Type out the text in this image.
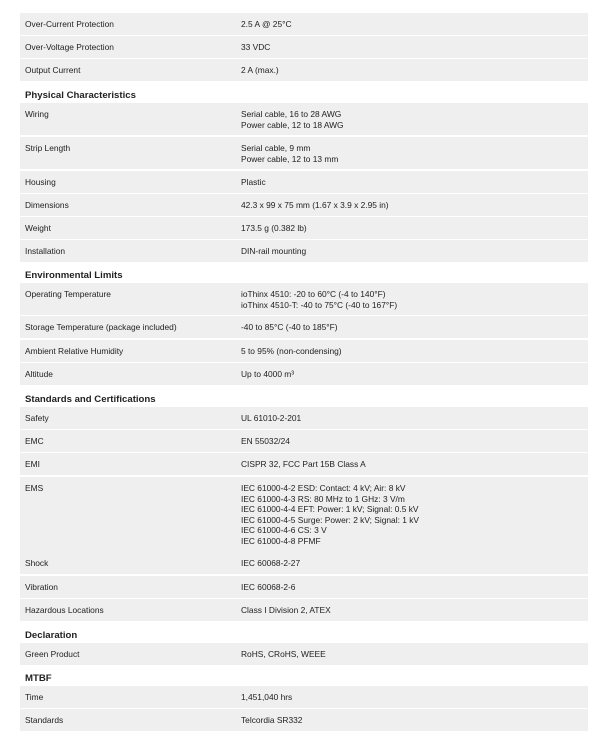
Over-Current Protection	2.5 A @ 25°C
Over-Voltage Protection	33 VDC
Output Current	2 A (max.)
Physical Characteristics
Wiring	Serial cable, 16 to 28 AWG
Power cable, 12 to 18 AWG
Strip Length	Serial cable, 9 mm
Power cable, 12 to 13 mm
Housing	Plastic
Dimensions	42.3 x 99 x 75 mm (1.67 x 3.9 x 2.95 in)
Weight	173.5 g (0.382 lb)
Installation	DIN-rail mounting
Environmental Limits
Operating Temperature	ioThinx 4510: -20 to 60°C (-4 to 140°F)
ioThinx 4510-T: -40 to 75°C (-40 to 167°F)
Storage Temperature (package included)	-40 to 85°C (-40 to 185°F)
Ambient Relative Humidity	5 to 95% (non-condensing)
Altitude	Up to 4000 m³
Standards and Certifications
Safety	UL 61010-2-201
EMC	EN 55032/24
EMI	CISPR 32, FCC Part 15B Class A
EMS	IEC 61000-4-2 ESD: Contact: 4 kV; Air: 8 kV
IEC 61000-4-3 RS: 80 MHz to 1 GHz: 3 V/m
IEC 61000-4-4 EFT: Power: 1 kV; Signal: 0.5 kV
IEC 61000-4-5 Surge: Power: 2 kV; Signal: 1 kV
IEC 61000-4-6 CS: 3 V
IEC 61000-4-8 PFMF
Shock	IEC 60068-2-27
Vibration	IEC 60068-2-6
Hazardous Locations	Class I Division 2, ATEX
Declaration
Green Product	RoHS, CRoHS, WEEE
MTBF
Time	1,451,040 hrs
Standards	Telcordia SR332
